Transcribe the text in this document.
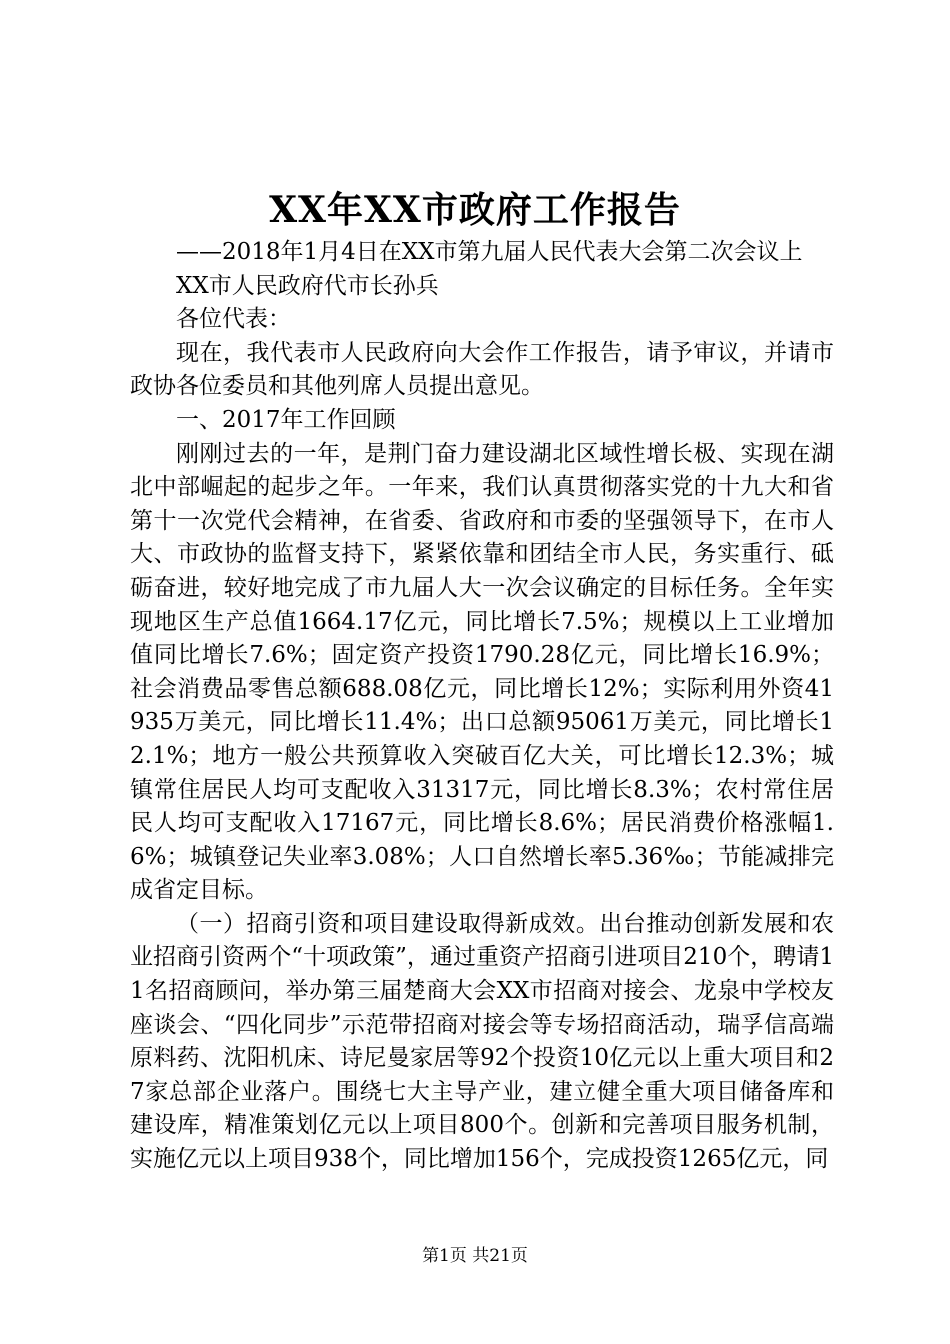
XX年XX市政府工作报告

——2018年1月4日在XX市第九届人民代表大会第二次会议上

XX市人民政府代市长孙兵

各位代表：

现在，我代表市人民政府向大会作工作报告，请予审议，并请市政协各位委员和其他列席人员提出意见。

一、2017年工作回顾

刚刚过去的一年，是荆门奋力建设湖北区域性增长极、实现在湖北中部崛起的起步之年。一年来，我们认真贯彻落实党的十九大和省第十一次党代会精神，在省委、省政府和市委的坚强领导下，在市人大、市政协的监督支持下，紧紧依靠和团结全市人民，务实重行、砥砺奋进，较好地完成了市九届人大一次会议确定的目标任务。全年实现地区生产总值1664.17亿元，同比增长7.5%；规模以上工业增加值同比增长7.6%；固定资产投资1790.28亿元，同比增长16.9%；社会消费品零售总额688.08亿元，同比增长12%；实际利用外资41935万美元，同比增长11.4%；出口总额95061万美元，同比增长12.1%；地方一般公共预算收入突破百亿大关，可比增长12.3%；城镇常住居民人均可支配收入31317元，同比增长8.3%；农村常住居民人均可支配收入17167元，同比增长8.6%；居民消费价格涨幅1.6%；城镇登记失业率3.08%；人口自然增长率5.36‰；节能减排完成省定目标。

（一）招商引资和项目建设取得新成效。出台推动创新发展和农业招商引资两个“十项政策”，通过重资产招商引进项目210个，聘请11名招商顾问，举办第三届楚商大会XX市招商对接会、龙泉中学校友座谈会、“四化同步”示范带招商对接会等专场招商活动，瑞孚信高端原料药、沈阳机床、诗尼曼家居等92个投资10亿元以上重大项目和27家总部企业落户。围绕七大主导产业，建立健全重大项目储备库和建设库，精准策划亿元以上项目800个。创新和完善项目服务机制，实施亿元以上项目938个，同比增加156个，完成投资1265亿元，同

第1页 共21页
